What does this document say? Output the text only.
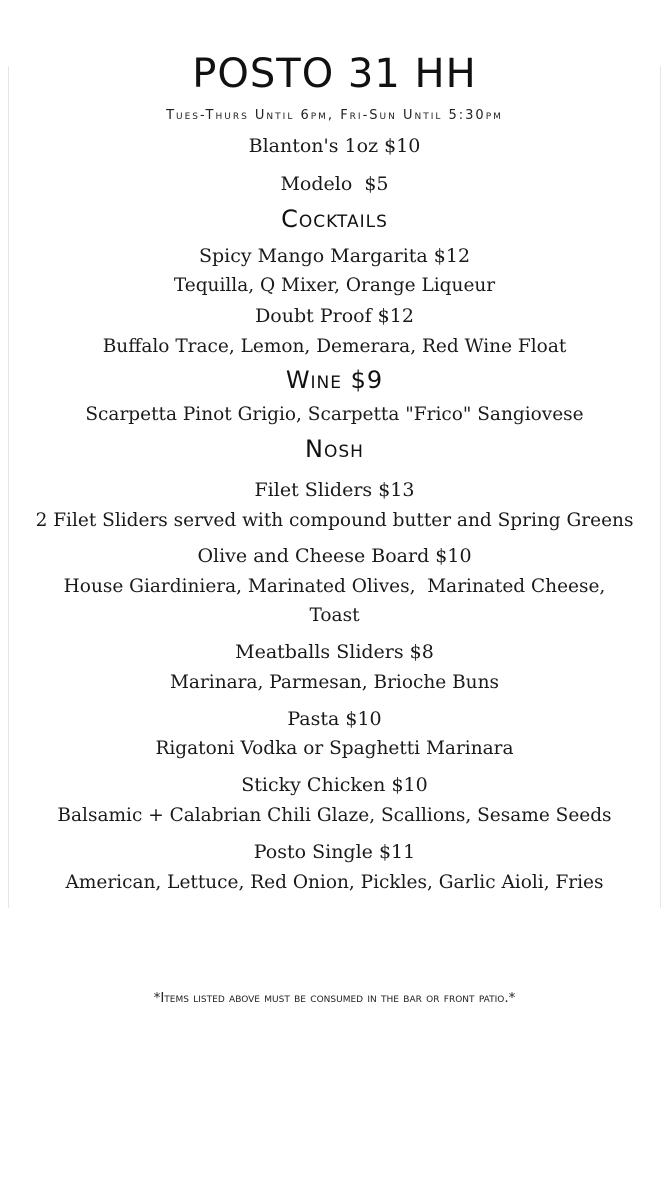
POSTO 31 HH
Tues-Thurs Until 6pm, Fri-Sun Until 5:30pm
Blanton's 1oz $10
Modelo  $5
Cocktails
Spicy Mango Margarita $12
Tequilla, Q Mixer, Orange Liqueur
Doubt Proof $12
Buffalo Trace, Lemon, Demerara, Red Wine Float
Wine $9
Scarpetta Pinot Grigio, Scarpetta "Frico" Sangiovese
Nosh
Filet Sliders $13
2 Filet Sliders served with compound butter and Spring Greens
Olive and Cheese Board $10
House Giardiniera, Marinated Olives,  Marinated Cheese,
Toast
Meatballs Sliders $8
Marinara, Parmesan, Brioche Buns
Pasta $10
Rigatoni Vodka or Spaghetti Marinara
Sticky Chicken $10
Balsamic + Calabrian Chili Glaze, Scallions, Sesame Seeds
Posto Single $11
American, Lettuce, Red Onion, Pickles, Garlic Aioli, Fries
*Items listed above must be consumed in the bar or front patio.*
